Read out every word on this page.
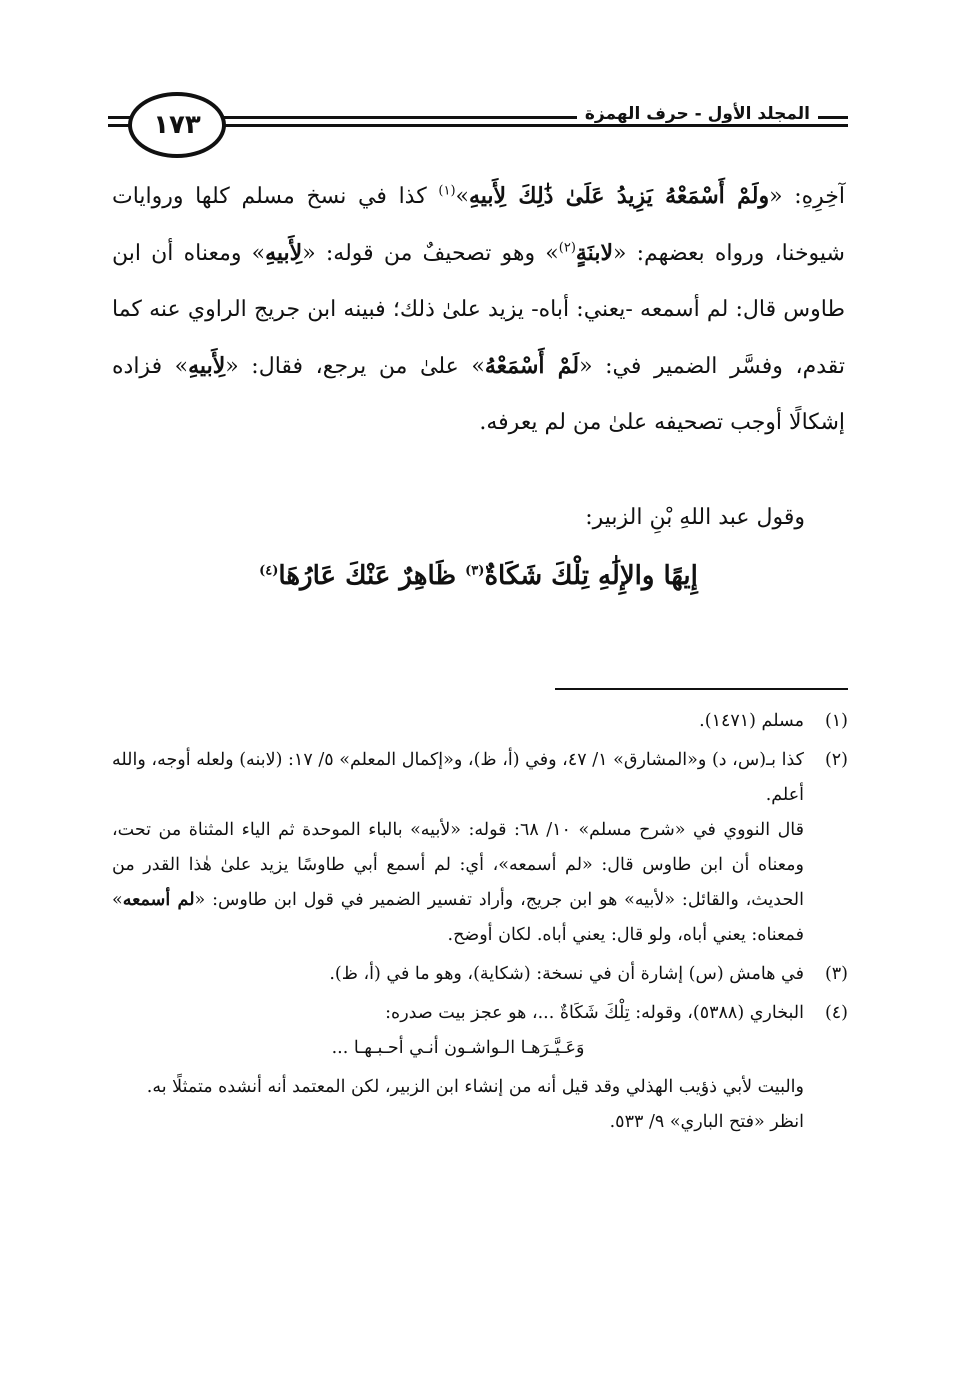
١٧٣	المجلد الأول - حرف الهمزة

آخِرِهِ: «ولَمْ أَسْمَعْهُ يَزِيدُ عَلَىٰ ذَٰلِكَ لِأَبيهِ»$^{(١)}$ كذا في نسخ مسلم كلها وروايات شيوخنا، ورواه بعضهم: «لابنَةٍ$^{(٢)}$» وهو تصحيفٌ من قوله: «لِأَبيهِ» ومعناه أن ابن طاوس قال: لم أسمعه -يعني: أباه- يزيد علىٰ ذلك؛ فبينه ابن جريج الراوي عنه كما تقدم، وفسَّر الضمير في: «لَمْ أَسْمَعْهُ» علىٰ من يرجع، فقال: «لِأَبيهِ» فزاده إشكالًا أوجب تصحيفه علىٰ من لم يعرفه.

وقول عبد اللهِ بْنِ الزبير:
إِيهًا والإِلَٰهِ تِلْكَ شَكَاةٌ$^{(٣)}$ ظَاهِرٌ عَنْكَ عَارُهَا$^{(٤)}$
(١)
مسلم (١٤٧١).
(٢)

كذا بـ(س، د) و«المشارق» ١/ ٤٧، وفي (أ، ظ)، و«إكمال المعلم» ٥/ ١٧: (لابنه) ولعله أوجه، والله أعلم.

قال النووي في «شرح مسلم» ١٠/ ٦٨: قوله: «لأبيه» بالباء الموحدة ثم الياء المثناة من تحت، ومعناه أن ابن طاوس قال: «لم أسمعه»، أي: لم أسمع أبي طاوسًا يزيد علىٰ هٰذا القدر من الحديث، والقائل: «لأبيه» هو ابن جريج، وأراد تفسير الضمير في قول ابن طاوس: «لم أسمعه» فمعناه: يعني أباه، ولو قال: يعني أباه. لكان أوضح.

(٣)
في هامش (س) إشارة أن في نسخة: (شكاية)، وهو ما في (أ، ظ).
(٤)

البخاري (٥٣٨٨)، وقوله: تِلْكَ شَكَاةٌ ...، هو عجز بيت صدره:

وَعَـيَّـرَهـا الـواشـون أنـي أحـبـهـا ...

والبيت لأبي ذؤيب الهذلي وقد قيل أنه من إنشاء ابن الزبير، لكن المعتمد أنه أنشده متمثلًا به.

انظر «فتح الباري» ٩/ ٥٣٣.
